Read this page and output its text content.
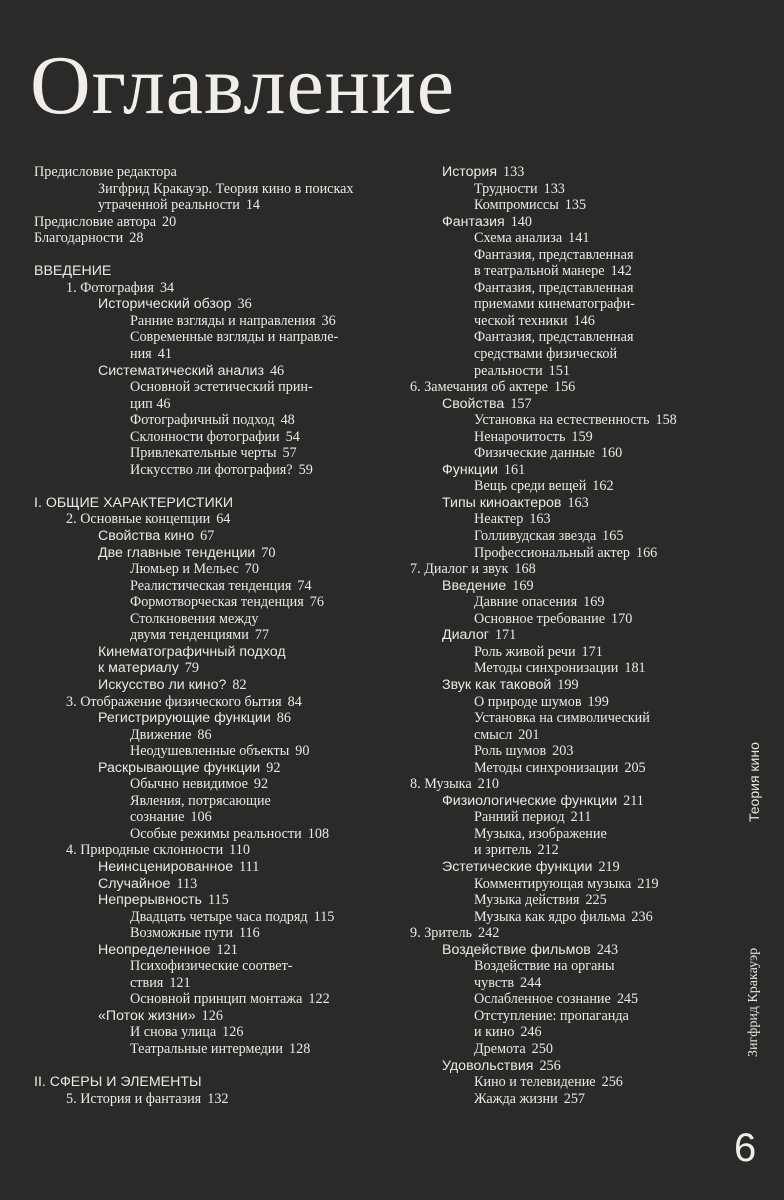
Оглавление
Предисловие редактора
Зигфрид Кракауэр. Теория кино в поисках
утраченной реальности 14
Предисловие автора 20
Благодарности 28
ВВЕДЕНИЕ
1. Фотография 34
Исторический обзор 36
Ранние взгляды и направления 36
Современные взгляды и направле-
ния 41
Систематический анализ 46
Основной эстетический прин-
цип 46
Фотографичный подход 48
Склонности фотографии 54
Привлекательные черты 57
Искусство ли фотография? 59
I. ОБЩИЕ ХАРАКТЕРИСТИКИ
2. Основные концепции 64
Свойства кино 67
Две главные тенденции 70
Люмьер и Мельес 70
Реалистическая тенденция 74
Формотворческая тенденция 76
Столкновения между
двумя тенденциями 77
Кинематографичный подход
к материалу 79
Искусство ли кино? 82
3. Отображение физического бытия 84
Регистрирующие функции 86
Движение 86
Неодушевленные объекты 90
Раскрывающие функции 92
Обычно невидимое 92
Явления, потрясающие
сознание 106
Особые режимы реальности 108
4. Природные склонности 110
Неинсценированное 111
Случайное 113
Непрерывность 115
Двадцать четыре часа подряд 115
Возможные пути 116
Неопределенное 121
Психофизические соответ-
ствия 121
Основной принцип монтажа 122
«Поток жизни» 126
И снова улица 126
Театральные интермедии 128
II. СФЕРЫ И ЭЛЕМЕНТЫ
5. История и фантазия 132
История 133
Трудности 133
Компромиссы 135
Фантазия 140
Схема анализа 141
Фантазия, представленная
в театральной манере 142
Фантазия, представленная
приемами кинематографи-
ческой техники 146
Фантазия, представленная
средствами физической
реальности 151
6. Замечания об актере 156
Свойства 157
Установка на естественность 158
Ненарочитость 159
Физические данные 160
Функции 161
Вещь среди вещей 162
Типы киноактеров 163
Неактер 163
Голливудская звезда 165
Профессиональный актер 166
7. Диалог и звук 168
Введение 169
Давние опасения 169
Основное требование 170
Диалог 171
Роль живой речи 171
Методы синхронизации 181
Звук как таковой 199
О природе шумов 199
Установка на символический
смысл 201
Роль шумов 203
Методы синхронизации 205
8. Музыка 210
Физиологические функции 211
Ранний период 211
Музыка, изображение
и зритель 212
Эстетические функции 219
Комментирующая музыка 219
Музыка действия 225
Музыка как ядро фильма 236
9. Зритель 242
Воздействие фильмов 243
Воздействие на органы
чувств 244
Ослабленное сознание 245
Отступление: пропаганда
и кино 246
Дремота 250
Удовольствия 256
Кино и телевидение 256
Жажда жизни 257
Теория кино
Зигфрид Кракауэр
6
